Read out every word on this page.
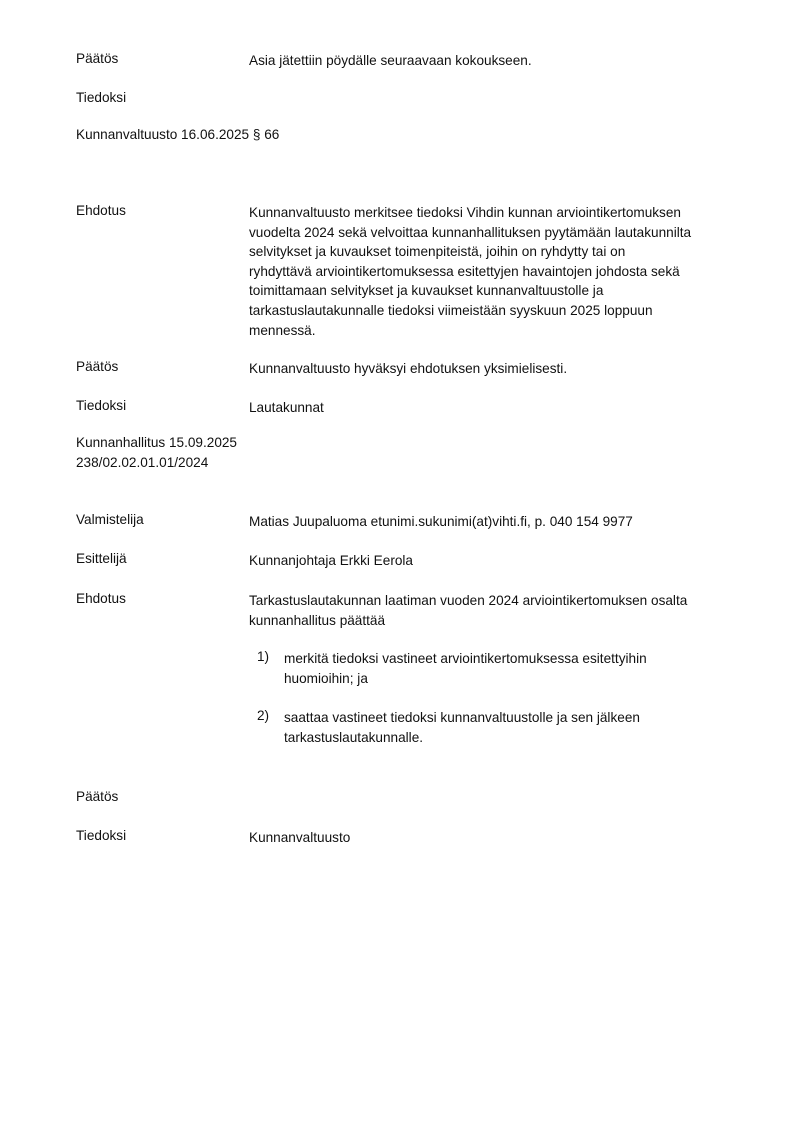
Päätös	Asia jätettiin pöydälle seuraavaan kokoukseen.
Tiedoksi
Kunnanvaltuusto 16.06.2025 § 66
Ehdotus	Kunnanvaltuusto merkitsee tiedoksi Vihdin kunnan arviointikertomuksen
vuodelta 2024 sekä velvoittaa kunnanhallituksen pyytämään lautakunnilta
selvitykset ja kuvaukset toimenpiteistä, joihin on ryhdytty tai on
ryhdyttävä arviointikertomuksessa esitettyjen havaintojen johdosta sekä
toimittamaan selvitykset ja kuvaukset kunnanvaltuustolle ja
tarkastuslautakunnalle tiedoksi viimeistään syyskuun 2025 loppuun
mennessä.
Päätös	Kunnanvaltuusto hyväksyi ehdotuksen yksimielisesti.
Tiedoksi	Lautakunnat
Kunnanhallitus 15.09.2025
238/02.02.01.01/2024
Valmistelija	Matias Juupaluoma etunimi.sukunimi(at)vihti.fi, p. 040 154 9977
Esittelijä	Kunnanjohtaja Erkki Eerola
Ehdotus	Tarkastuslautakunnan laatiman vuoden 2024 arviointikertomuksen osalta
kunnanhallitus päättää
1) merkitä tiedoksi vastineet arviointikertomuksessa esitettyihin
huomioihin; ja
2) saattaa vastineet tiedoksi kunnanvaltuustolle ja sen jälkeen
tarkastuslautakunnalle.
Päätös
Tiedoksi	Kunnanvaltuusto
